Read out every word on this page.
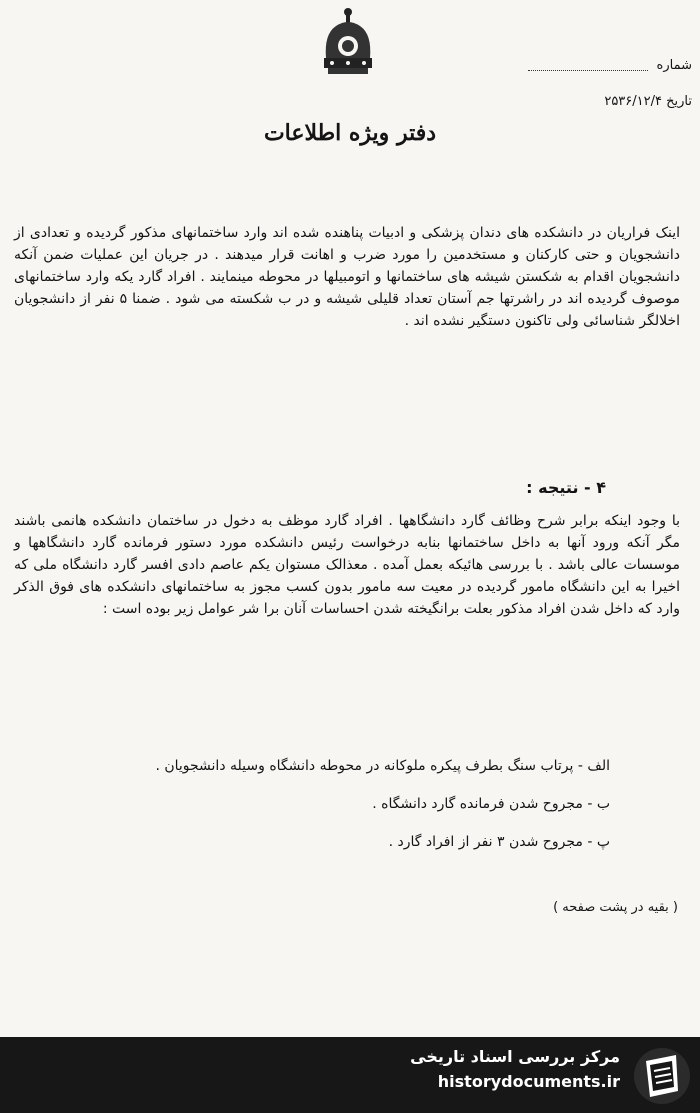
شماره
تاریخ ۲۵۳۶/۱۲/۴
دفتر ویژه اطلاعات

اینک فراریان در دانشکده های دندان پزشکی و ادبیات پناهنده شده اند وارد ساختمانهای مذکور گردیده و تعدادی از دانشجویان و حتی کارکنان و مستخدمین را مورد ضرب و اهانت قرار میدهند . در جریان این عملیات ضمن آنکه دانشجویان اقدام به شکستن شیشه های ساختمانها و اتومبیلها در محوطه مینمایند . افراد گارد یکه وارد ساختمانهای موصوف گردیده اند در راشرتها جم آستان تعداد قلیلی شیشه و در ب شکسته می شود . ضمنا ۵ نفر از دانشجویان اخلالگر شناسائی ولی تاکنون دستگیر نشده اند .

۴ - نتیجه :

با وجود اینکه برابر شرح وظائف گارد دانشگاهها . افراد گارد موظف به دخول در ساختمان دانشکده هانمی باشند مگر آنکه ورود آنها به داخل ساختمانها بنابه درخواست رئیس دانشکده مورد دستور فرمانده گارد دانشگاهها و موسسات عالی باشد . با بررسی هائیکه بعمل آمده . معذالک مستوان یکم عاصم دادی افسر گارد دانشگاه ملی که اخیرا به این دانشگاه مامور گردیده در معیت سه مامور بدون کسب مجوز به ساختمانهای دانشکده های فوق الذکر وارد که داخل شدن افراد مذکور بعلت برانگیخته شدن احساسات آنان برا شر عوامل زیر بوده است :

الف - پرتاب سنگ بطرف پیکره ملوکانه در محوطه دانشگاه وسیله دانشجویان .
ب - مجروح شدن فرمانده گارد دانشگاه .
پ - مجروح شدن ۳ نفر از افراد گارد .
( بقیه در پشت صفحه )
مرکز بررسی اسناد تاریخی
historydocuments.ir
